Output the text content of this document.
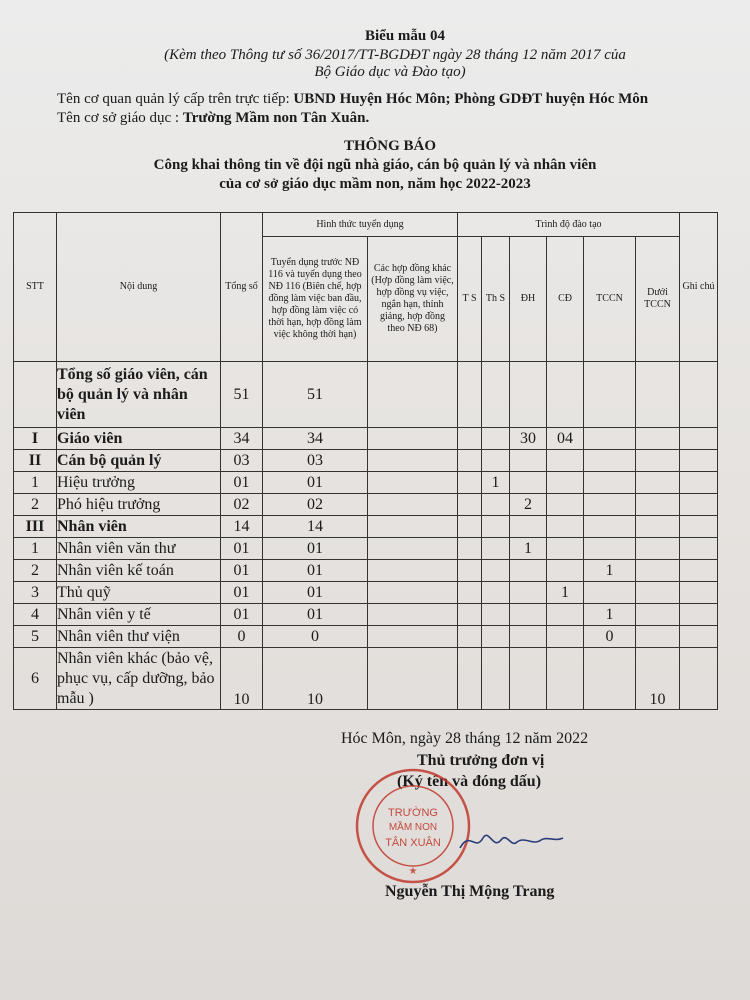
Biểu mẫu 04
(Kèm theo Thông tư số 36/2017/TT-BGDĐT ngày 28 tháng 12 năm 2017 của
Bộ Giáo dục và Đào tạo)
Tên cơ quan quản lý cấp trên trực tiếp: UBND Huyện Hóc Môn; Phòng GDĐT huyện Hóc Môn
Tên cơ sở giáo dục : Trường Mầm non Tân Xuân.
THÔNG BÁO
Công khai thông tin về đội ngũ nhà giáo, cán bộ quản lý và nhân viên
của cơ sở giáo dục mầm non, năm học 2022-2023
STT	Nội dung	Tổng số	Hình thức tuyển dụng		Trình độ đào tạo						Ghi chú
			Tuyển dụng trước NĐ 116 và tuyển dụng theo NĐ 116 (Biên chế, hợp đồng làm việc ban đầu, hợp đồng làm việc có thời hạn, hợp đồng làm việc không thời hạn)	Các hợp đồng khác (Hợp đồng làm việc, hợp đồng vụ việc, ngắn hạn, thỉnh giảng, hợp đồng theo NĐ 68)	T S	Th S	ĐH	CĐ	TCCN	Dưới TCCN	
	Tổng số giáo viên, cán bộ quản lý và nhân viên	51	51								
I	Giáo viên	34	34				30	04			
II	Cán bộ quản lý	03	03								
1	Hiệu trưởng	01	01			1					
2	Phó hiệu trưởng	02	02				2				
III	Nhân viên	14	14								
1	Nhân viên văn thư	01	01				1				
2	Nhân viên kế toán	01	01						1		
3	Thủ quỹ	01	01					1			
4	Nhân viên y tế	01	01						1		
5	Nhân viên thư viện	0	0						0		
6	Nhân viên khác (bảo vệ, phục vụ, cấp dưỡng, bảo mẫu )	10	10							10	
Hóc Môn, ngày 28 tháng 12 năm 2022
Thủ trưởng đơn vị
(Ký tên và đóng dấu)
TRƯỜNG
MẦM NON
TÂN XUÂN
★
Nguyễn Thị Mộng Trang
